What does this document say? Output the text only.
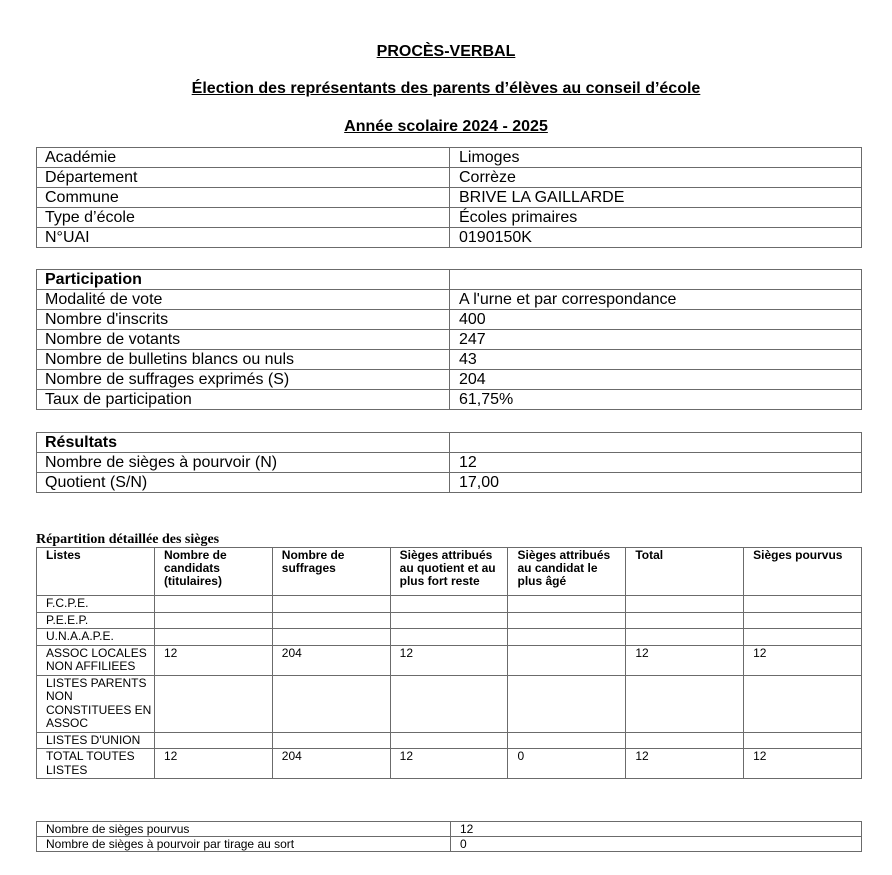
PROCÈS-VERBAL
Élection des représentants des parents d’élèves au conseil d’école
Année scolaire 2024 - 2025
Académie	Limoges
Département	Corrèze
Commune	BRIVE LA GAILLARDE
Type d’école	Écoles primaires
N°UAI	0190150K
Participation	
Modalité de vote	A l'urne et par correspondance
Nombre d'inscrits	400
Nombre de votants	247
Nombre de bulletins blancs ou nuls	43
Nombre de suffrages exprimés (S)	204
Taux de participation	61,75%
Résultats	
Nombre de sièges à pourvoir (N)	12
Quotient (S/N)	17,00
Répartition détaillée des sièges
Listes	Nombre de candidats (titulaires)	Nombre de suffrages	Sièges attribués au quotient et au plus fort reste	Sièges attribués au candidat le plus âgé	Total	Sièges pourvus
F.C.P.E.						
P.E.E.P.						
U.N.A.A.P.E.						
ASSOC LOCALES NON AFFILIEES	12	204	12		12	12
LISTES PARENTS NON CONSTITUEES EN ASSOC						
LISTES D'UNION						
TOTAL TOUTES LISTES	12	204	12	0	12	12
Nombre de sièges pourvus	12
Nombre de sièges à pourvoir par tirage au sort	0
